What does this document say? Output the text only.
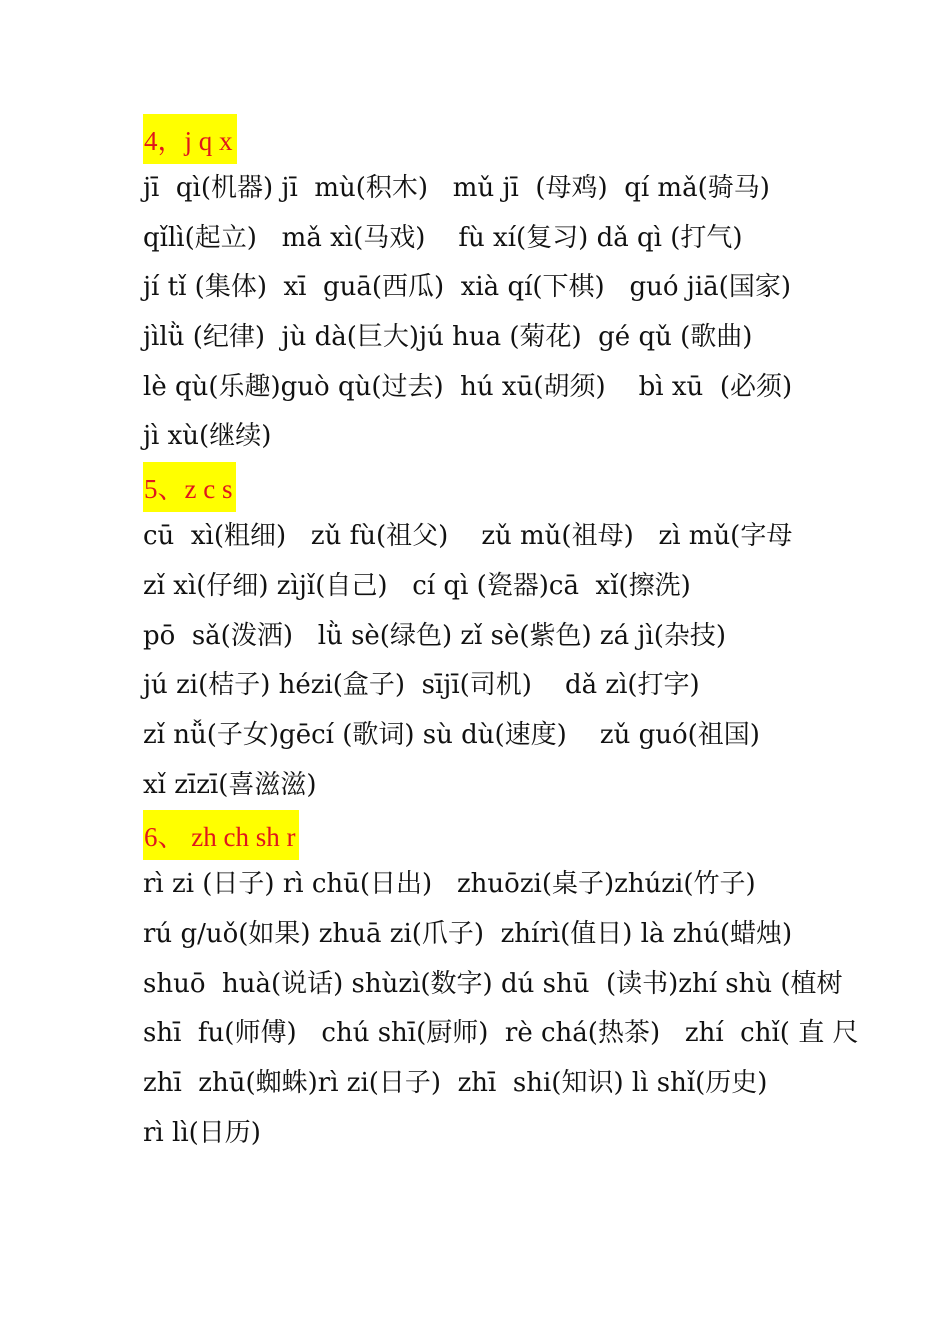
4，j q x
jī  qì(机器) jī  mù(积木)   mǔ jī  (母鸡)  qí mǎ(骑马)
qǐlì(起立)   mǎ xì(马戏)    fù xí(复习) dǎ qì (打气)
jí tǐ (集体)  xī  guā(西瓜)  xià qí(下棋)   guó jiā(国家)
jìlǜ (纪律)  jù dà(巨大)jú hua (菊花)  gé qǔ (歌曲)
lè qù(乐趣)guò qù(过去)  hú xū(胡须)    bì xū  (必须)
jì xù(继续)
5、z c s
cū  xì(粗细)   zǔ fù(祖父)    zǔ mǔ(祖母)   zì mǔ(字母
zǐ xì(仔细) zìjǐ(自己)   cí qì (瓷器)cā  xǐ(擦洗)
pō  sǎ(泼洒)   lǜ sè(绿色) zǐ sè(紫色) zá jì(杂技)
jú zi(桔子) hézi(盒子)  sījī(司机)    dǎ zì(打字)
zǐ nǚ(子女)gēcí (歌词) sù dù(速度)    zǔ guó(祖国)
xǐ zīzī(喜滋滋)
6、 zh ch sh r
rì zi (日子) rì chū(日出)   zhuōzi(桌子)zhúzi(竹子)
rú g/uǒ(如果) zhuā zi(爪子)  zhírì(值日) là zhú(蜡烛)
shuō  huà(说话) shùzì(数字) dú shū  (读书)zhí shù (植树
shī  fu(师傅)   chú shī(厨师)  rè chá(热茶)   zhí  chǐ( 直 尺
zhī  zhū(蜘蛛)rì zi(日子)  zhī  shi(知识) lì shǐ(历史)
rì lì(日历)
